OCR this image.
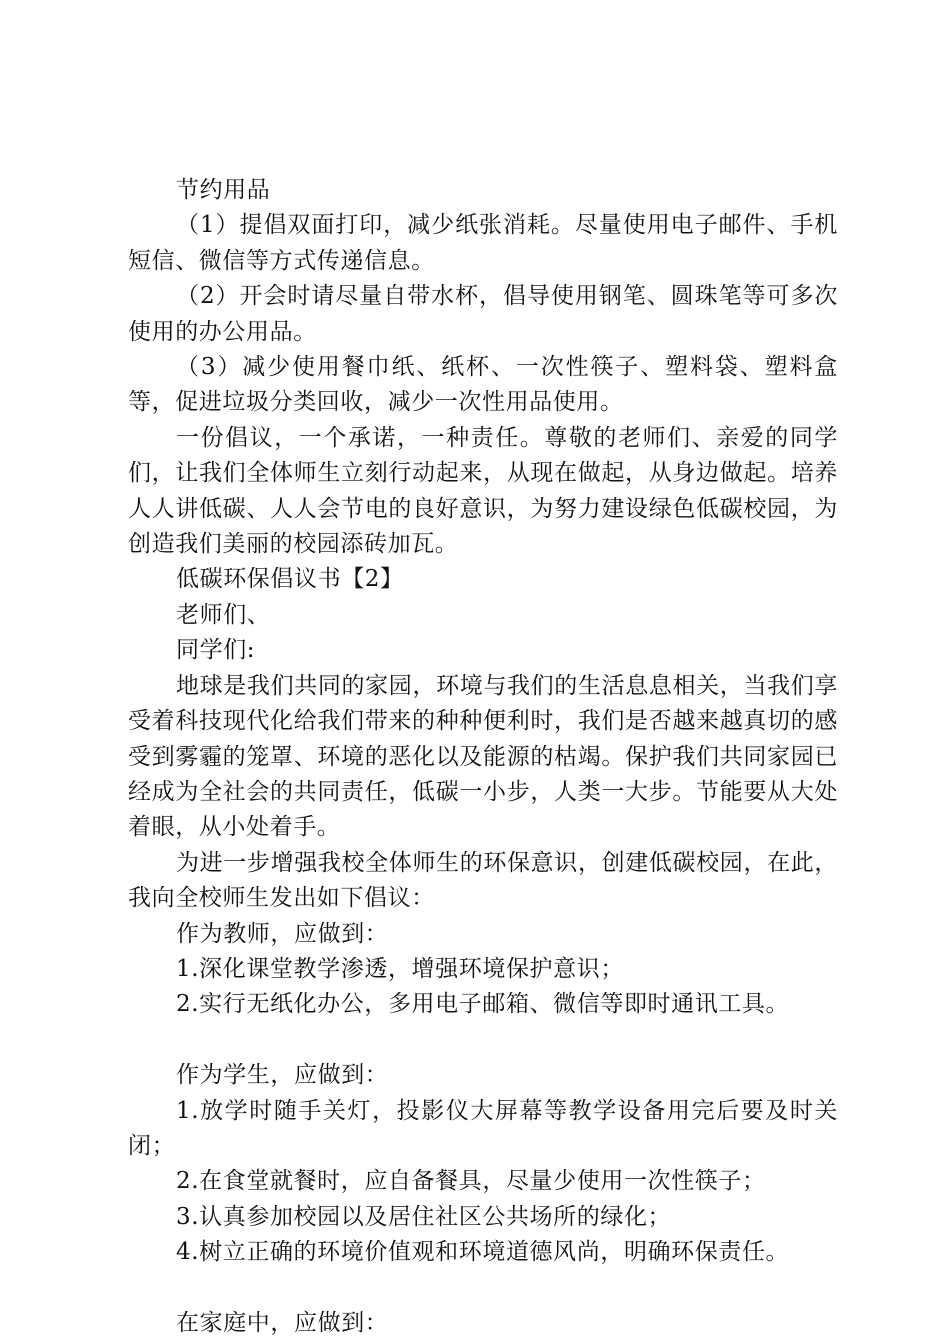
节约用品

（1）提倡双面打印，减少纸张消耗。尽量使用电子邮件、手机短信、微信等方式传递信息。

（2）开会时请尽量自带水杯，倡导使用钢笔、圆珠笔等可多次使用的办公用品。

（3）减少使用餐巾纸、纸杯、一次性筷子、塑料袋、塑料盒等，促进垃圾分类回收，减少一次性用品使用。

一份倡议，一个承诺，一种责任。尊敬的老师们、亲爱的同学们，让我们全体师生立刻行动起来，从现在做起，从身边做起。培养人人讲低碳、人人会节电的良好意识，为努力建设绿色低碳校园，为创造我们美丽的校园添砖加瓦。

低碳环保倡议书【2】

老师们、

同学们:

地球是我们共同的家园，环境与我们的生活息息相关，当我们享受着科技现代化给我们带来的种种便利时，我们是否越来越真切的感受到雾霾的笼罩、环境的恶化以及能源的枯竭。保护我们共同家园已经成为全社会的共同责任，低碳一小步，人类一大步。节能要从大处着眼，从小处着手。

为进一步增强我校全体师生的环保意识，创建低碳校园，在此，我向全校师生发出如下倡议：

作为教师，应做到：

1.深化课堂教学渗透，增强环境保护意识；

2.实行无纸化办公，多用电子邮箱、微信等即时通讯工具。

作为学生，应做到：

1.放学时随手关灯，投影仪大屏幕等教学设备用完后要及时关闭；

2.在食堂就餐时，应自备餐具，尽量少使用一次性筷子；

3.认真参加校园以及居住社区公共场所的绿化；

4.树立正确的环境价值观和环境道德风尚，明确环保责任。

在家庭中，应做到：
